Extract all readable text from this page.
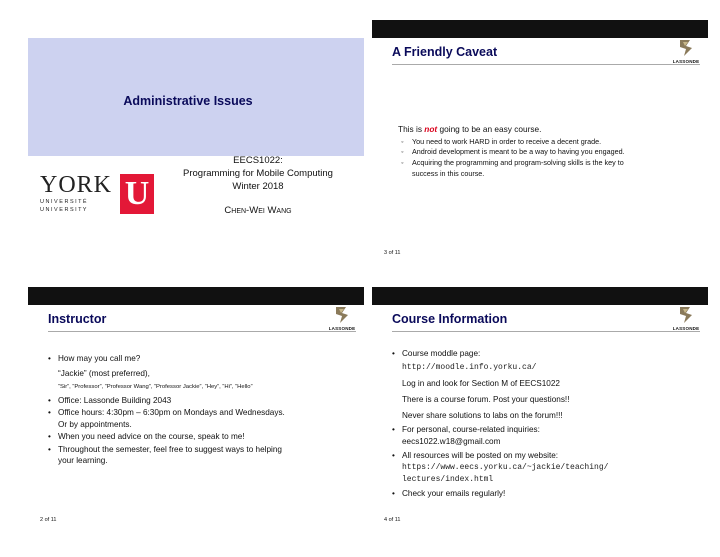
Administrative Issues
YORK U
U N I V E R S I T É
U N I V E R S I T Y
EECS1022:
Programming for Mobile Computing
Winter 2018
CHEN-WEI WANG
A Friendly Caveat
LASSONDE
This is not going to be an easy course.
◦ You need to work HARD in order to receive a decent grade.
◦ Android development is meant to be a way to having you engaged.
◦ Acquiring the programming and program-solving skills is the key to
success in this course.
3 of 11
Instructor
LASSONDE
• How may you call me?
“Jackie” (most preferred),
“Sir”, “Professor”, “Professor Wang”, “Professor Jackie”, “Hey”, “Hi”, “Hello”
• Office: Lassonde Building 2043
• Office hours: 4:30pm – 6:30pm on Mondays and Wednesdays.
Or by appointments.
• When you need advice on the course, speak to me!
• Throughout the semester, feel free to suggest ways to helping
your learning.
2 of 11
Course Information
LASSONDE
• Course moddle page:
http://moodle.info.yorku.ca/
Log in and look for Section M of EECS1022
There is a course forum. Post your questions!!
Never share solutions to labs on the forum!!!
• For personal, course-related inquiries:
eecs1022.w18@gmail.com
• All resources will be posted on my website:
https://www.eecs.yorku.ca/~jackie/teaching/
lectures/index.html
• Check your emails regularly!
4 of 11
